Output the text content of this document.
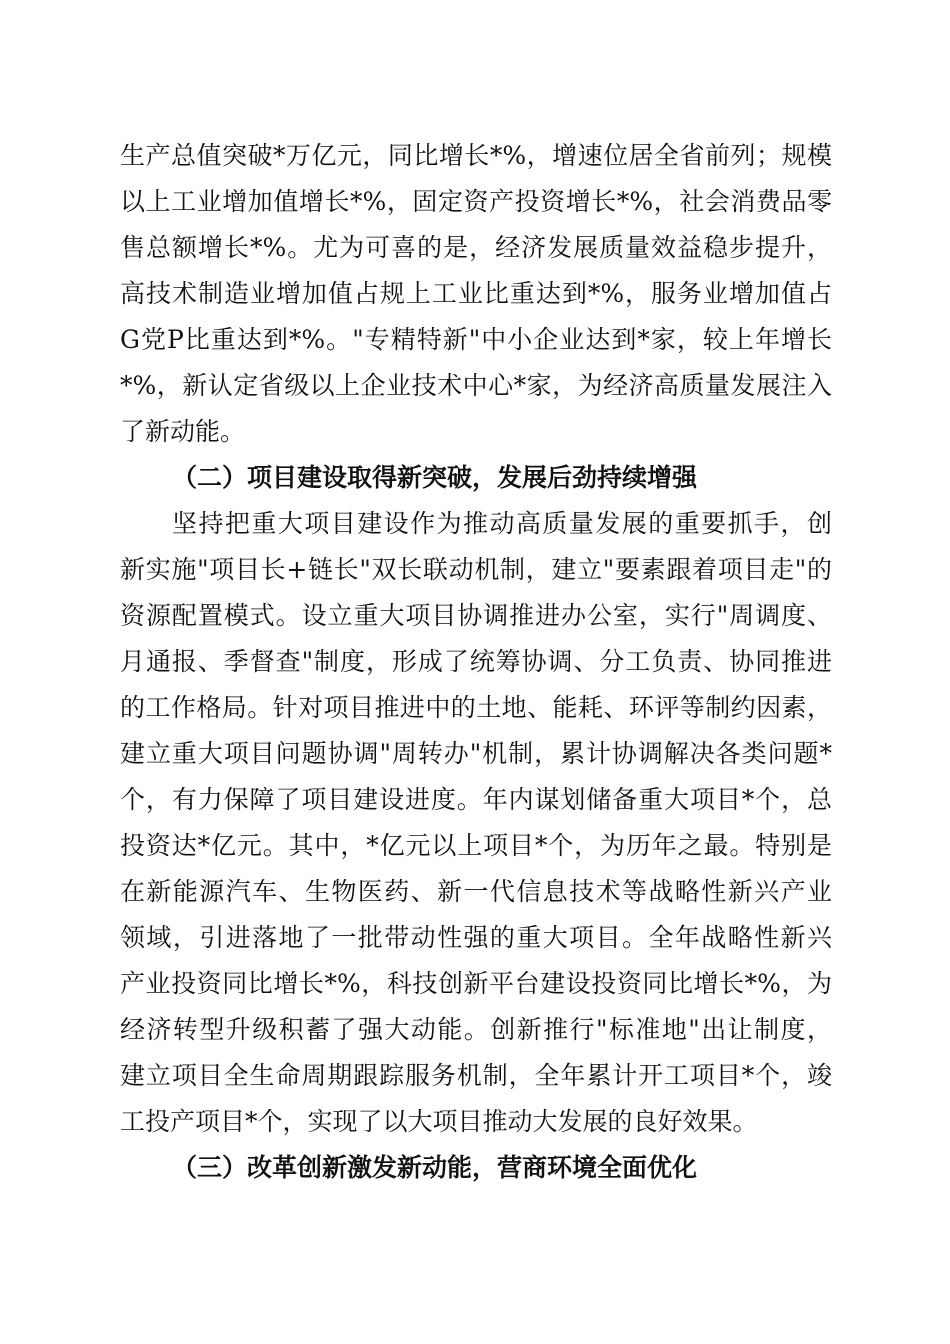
生产总值突破*万亿元，同比增长*%，增速位居全省前列；规模
以上工业增加值增长*%，固定资产投资增长*%，社会消费品零
售总额增长*%。尤为可喜的是，经济发展质量效益稳步提升，
高技术制造业增加值占规上工业比重达到*%，服务业增加值占
G党P比重达到*%。"专精特新"中小企业达到*家，较上年增长
*%，新认定省级以上企业技术中心*家，为经济高质量发展注入
了新动能。
（二）项目建设取得新突破，发展后劲持续增强
坚持把重大项目建设作为推动高质量发展的重要抓手，创
新实施"项目长+链长"双长联动机制，建立"要素跟着项目走"的
资源配置模式。设立重大项目协调推进办公室，实行"周调度、
月通报、季督查"制度，形成了统筹协调、分工负责、协同推进
的工作格局。针对项目推进中的土地、能耗、环评等制约因素，
建立重大项目问题协调"周转办"机制，累计协调解决各类问题*
个，有力保障了项目建设进度。年内谋划储备重大项目*个，总
投资达*亿元。其中，*亿元以上项目*个，为历年之最。特别是
在新能源汽车、生物医药、新一代信息技术等战略性新兴产业
领域，引进落地了一批带动性强的重大项目。全年战略性新兴
产业投资同比增长*%，科技创新平台建设投资同比增长*%，为
经济转型升级积蓄了强大动能。创新推行"标准地"出让制度，
建立项目全生命周期跟踪服务机制，全年累计开工项目*个，竣
工投产项目*个，实现了以大项目推动大发展的良好效果。
（三）改革创新激发新动能，营商环境全面优化
